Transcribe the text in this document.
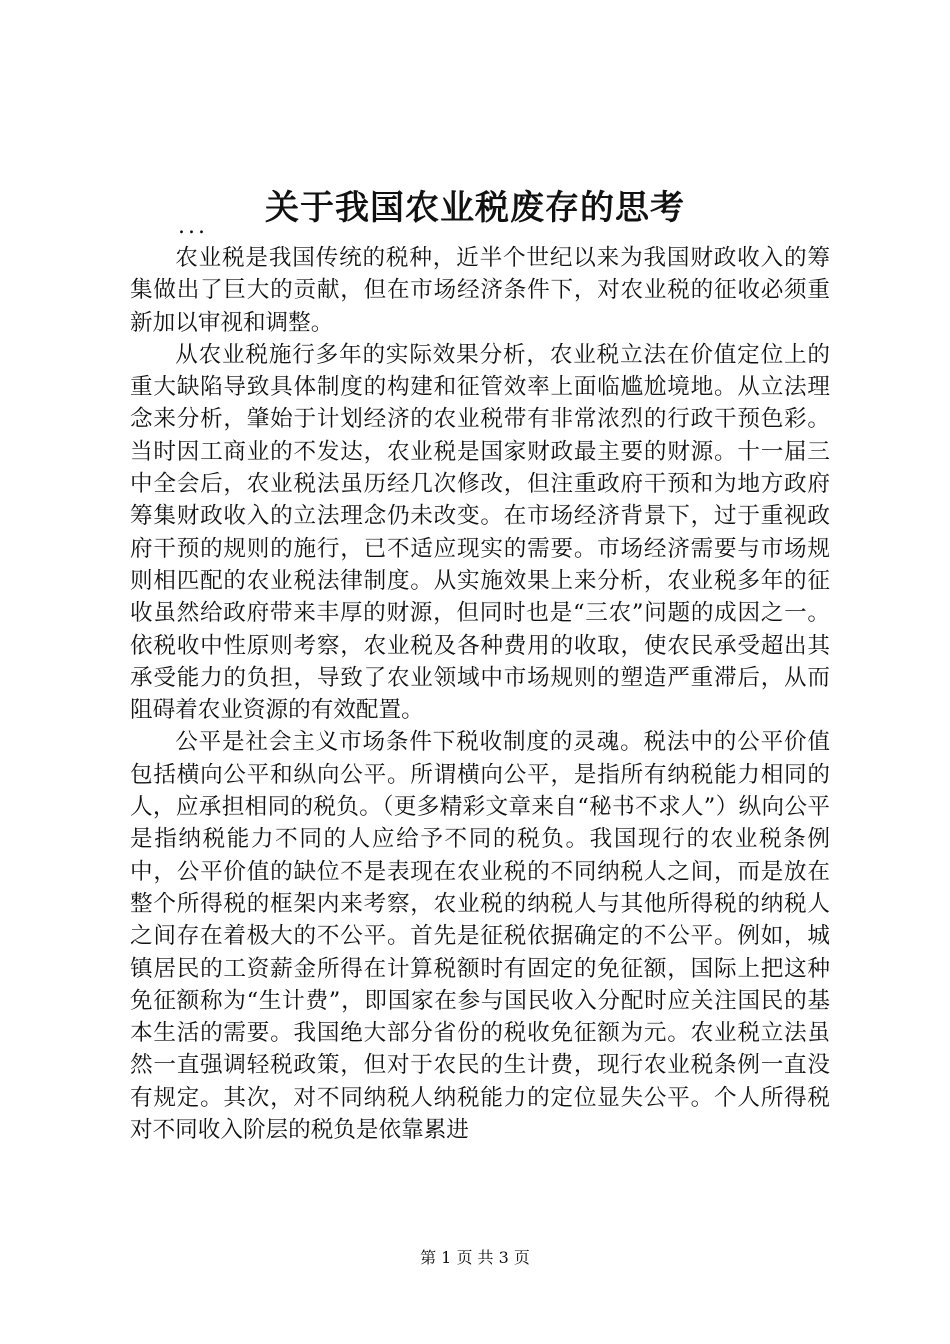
关于我国农业税废存的思考
...

农业税是我国传统的税种，近半个世纪以来为我国财政收入的筹集做出了巨大的贡献，但在市场经济条件下，对农业税的征收必须重新加以审视和调整。

从农业税施行多年的实际效果分析，农业税立法在价值定位上的重大缺陷导致具体制度的构建和征管效率上面临尴尬境地。从立法理念来分析，肇始于计划经济的农业税带有非常浓烈的行政干预色彩。当时因工商业的不发达，农业税是国家财政最主要的财源。十一届三中全会后，农业税法虽历经几次修改，但注重政府干预和为地方政府筹集财政收入的立法理念仍未改变。在市场经济背景下，过于重视政府干预的规则的施行，已不适应现实的需要。市场经济需要与市场规则相匹配的农业税法律制度。从实施效果上来分析，农业税多年的征收虽然给政府带来丰厚的财源，但同时也是“三农”问题的成因之一。依税收中性原则考察，农业税及各种费用的收取，使农民承受超出其承受能力的负担，导致了农业领域中市场规则的塑造严重滞后，从而阻碍着农业资源的有效配置。

公平是社会主义市场条件下税收制度的灵魂。税法中的公平价值包括横向公平和纵向公平。所谓横向公平，是指所有纳税能力相同的人，应承担相同的税负。（更多精彩文章来自“秘书不求人”）纵向公平是指纳税能力不同的人应给予不同的税负。我国现行的农业税条例中，公平价值的缺位不是表现在农业税的不同纳税人之间，而是放在整个所得税的框架内来考察，农业税的纳税人与其他所得税的纳税人之间存在着极大的不公平。首先是征税依据确定的不公平。例如，城镇居民的工资薪金所得在计算税额时有固定的免征额，国际上把这种免征额称为“生计费”，即国家在参与国民收入分配时应关注国民的基本生活的需要。我国绝大部分省份的税收免征额为元。农业税立法虽然一直强调轻税政策，但对于农民的生计费，现行农业税条例一直没有规定。其次，对不同纳税人纳税能力的定位显失公平。个人所得税对不同收入阶层的税负是依靠累进

第 1 页 共 3 页
